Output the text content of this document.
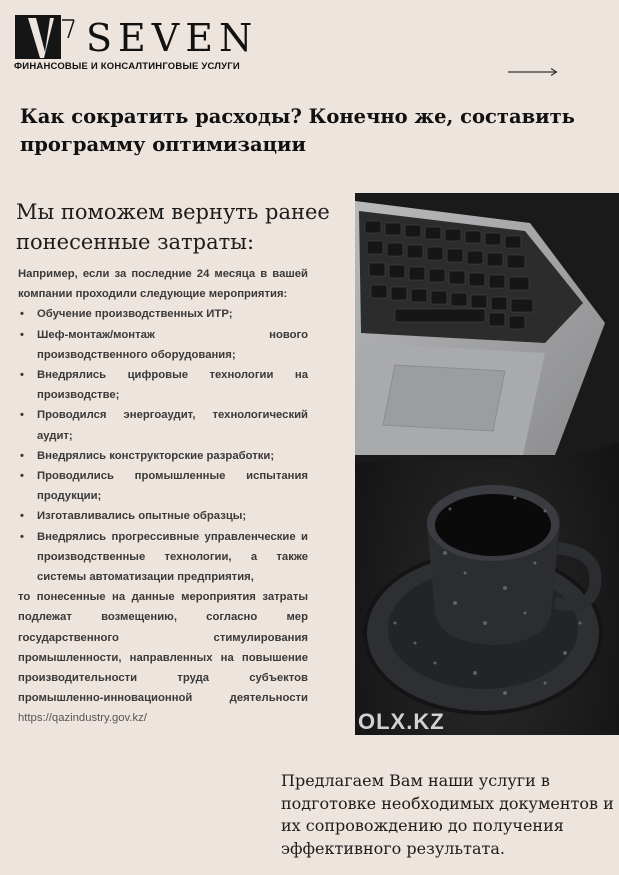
SEVEN
ФИНАНСОВЫЕ И КОНСАЛТИНГОВЫЕ УСЛУГИ
Как сократить расходы? Конечно же, составить программу оптимизации
Мы поможем вернуть ранее понесенные затраты:

Например, если за последние 24 месяца в вашей компании проходили следующие мероприятия:

• Обучение производственных ИТР;
• Шеф-монтаж/монтаж нового производственного оборудования;
• Внедрялись цифровые технологии на производстве;
• Проводился энергоаудит, технологический аудит;
• Внедрялись конструкторские разработки;
• Проводились промышленные испытания продукции;
• Изготавливались опытные образцы;
• Внедрялись прогрессивные управленческие и производственные технологии, а также системы автоматизации предприятия,

то понесенные на данные мероприятия затраты подлежат возмещению, согласно мер государственного стимулирования промышленности, направленных на повышение производительности труда субъектов промышленно-инновационной деятельности https://qazindustry.gov.kz/	OLX.KZ
Предлагаем Вам наши услуги в подготовке необходимых документов и их сопровождению до получения эффективного результата.
